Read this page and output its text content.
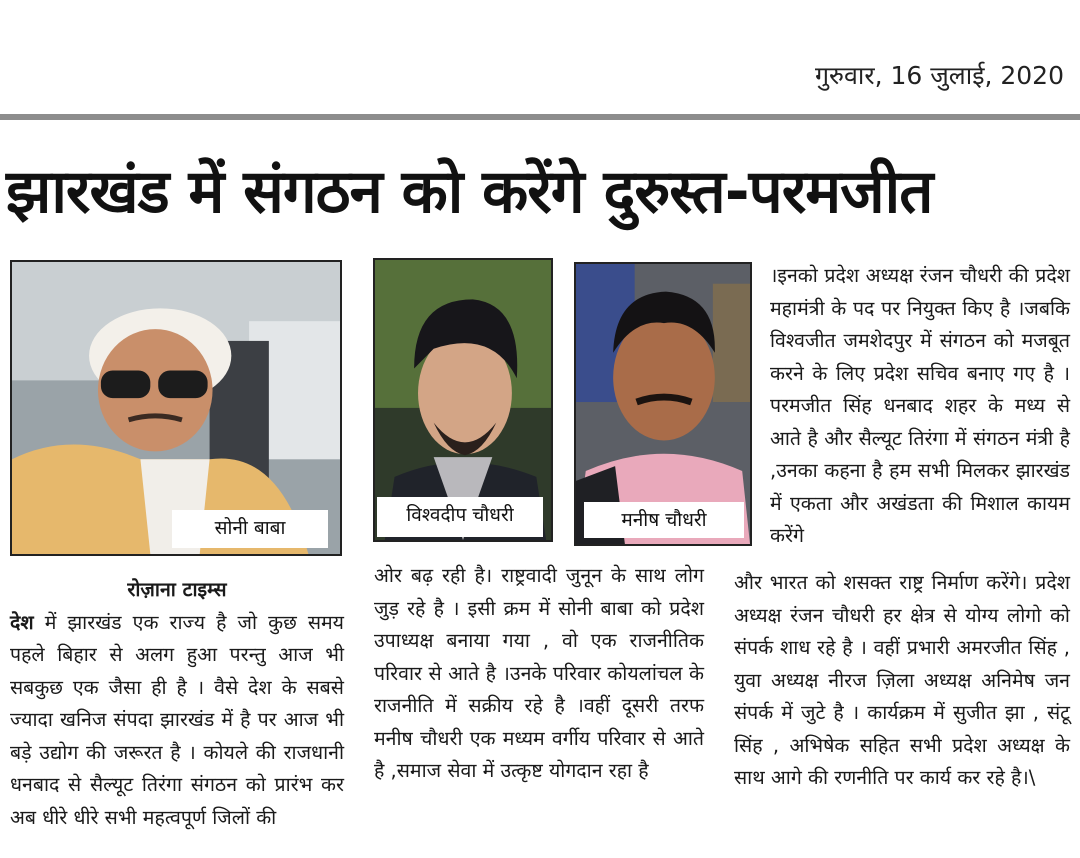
गुरुवार, 16 जुलाई, 2020
झारखंड में संगठन को करेंगे दुरुस्त-परमजीत
सोनी बाबा
विश्वदीप चौधरी	मनीष चौधरी

रोज़ाना टाइम्स

देश में झारखंड एक राज्य है जो कुछ समय पहले बिहार से अलग हुआ परन्तु आज भी सबकुछ एक जैसा ही है । वैसे देश के सबसे ज्यादा खनिज संपदा झारखंड में है पर आज भी बड़े उद्योग की जरूरत है । कोयले की राजधानी धनबाद से सैल्यूट तिरंगा संगठन को प्रारंभ कर अब धीरे धीरे सभी महत्वपूर्ण जिलों की

ओर बढ़ रही है। राष्ट्रवादी जुनून के साथ लोग जुड़ रहे है । इसी क्रम में सोनी बाबा को प्रदेश उपाध्यक्ष बनाया गया , वो एक राजनीतिक परिवार से आते है ।उनके परिवार कोयलांचल के राजनीति में सक्रीय रहे है ।वहीं दूसरी तरफ मनीष चौधरी एक मध्यम वर्गीय परिवार से आते है ,समाज सेवा में उत्कृष्ट योगदान रहा है

।इनको प्रदेश अध्यक्ष रंजन चौधरी की प्रदेश महामंत्री के पद पर नियुक्त किए है ।जबकि विश्वजीत जमशेदपुर में संगठन को मजबूत करने के लिए प्रदेश सचिव बनाए गए है ।परमजीत सिंह धनबाद शहर के मध्य से आते है और सैल्यूट तिरंगा में संगठन मंत्री है ,उनका कहना है हम सभी मिलकर झारखंड में एकता और अखंडता की मिशाल कायम करेंगे

और भारत को शसक्त राष्ट्र निर्माण करेंगे। प्रदेश अध्यक्ष रंजन चौधरी हर क्षेत्र से योग्य लोगो को संपर्क शाध रहे है । वहीं प्रभारी अमरजीत सिंह , युवा अध्यक्ष नीरज ज़िला अध्यक्ष अनिमेष जन संपर्क में जुटे है । कार्यक्रम में सुजीत झा , संटू सिंह , अभिषेक सहित सभी प्रदेश अध्यक्ष के साथ आगे की रणनीति पर कार्य कर रहे है।\
